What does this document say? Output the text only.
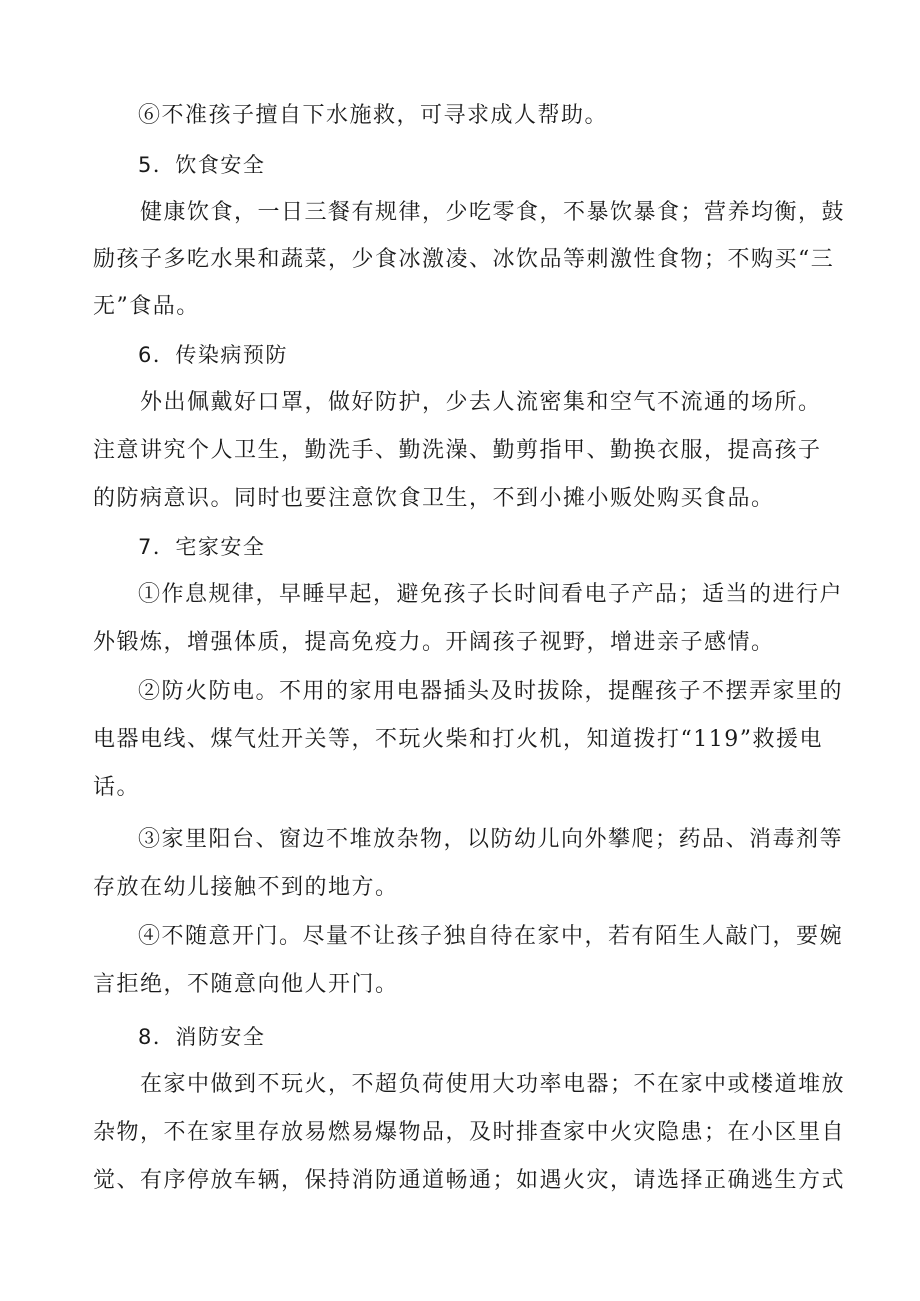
⑥不准孩子擅自下水施救，可寻求成人帮助。
5．饮食安全
健康饮食，一日三餐有规律，少吃零食，不暴饮暴食；营养均衡，鼓
励孩子多吃水果和蔬菜，少食冰激凌、冰饮品等刺激性食物；不购买“三
无”食品。
6．传染病预防
外出佩戴好口罩，做好防护，少去人流密集和空气不流通的场所。
注意讲究个人卫生，勤洗手、勤洗澡、勤剪指甲、勤换衣服，提高孩子
的防病意识。同时也要注意饮食卫生，不到小摊小贩处购买食品。
7．宅家安全
①作息规律，早睡早起，避免孩子长时间看电子产品；适当的进行户
外锻炼，增强体质，提高免疫力。开阔孩子视野，增进亲子感情。
②防火防电。不用的家用电器插头及时拔除，提醒孩子不摆弄家里的
电器电线、煤气灶开关等，不玩火柴和打火机，知道拨打“119”救援电
话。
③家里阳台、窗边不堆放杂物，以防幼儿向外攀爬；药品、消毒剂等
存放在幼儿接触不到的地方。
④不随意开门。尽量不让孩子独自待在家中，若有陌生人敲门，要婉
言拒绝，不随意向他人开门。
8．消防安全
在家中做到不玩火，不超负荷使用大功率电器；不在家中或楼道堆放
杂物，不在家里存放易燃易爆物品，及时排查家中火灾隐患；在小区里自
觉、有序停放车辆，保持消防通道畅通；如遇火灾，请选择正确逃生方式
